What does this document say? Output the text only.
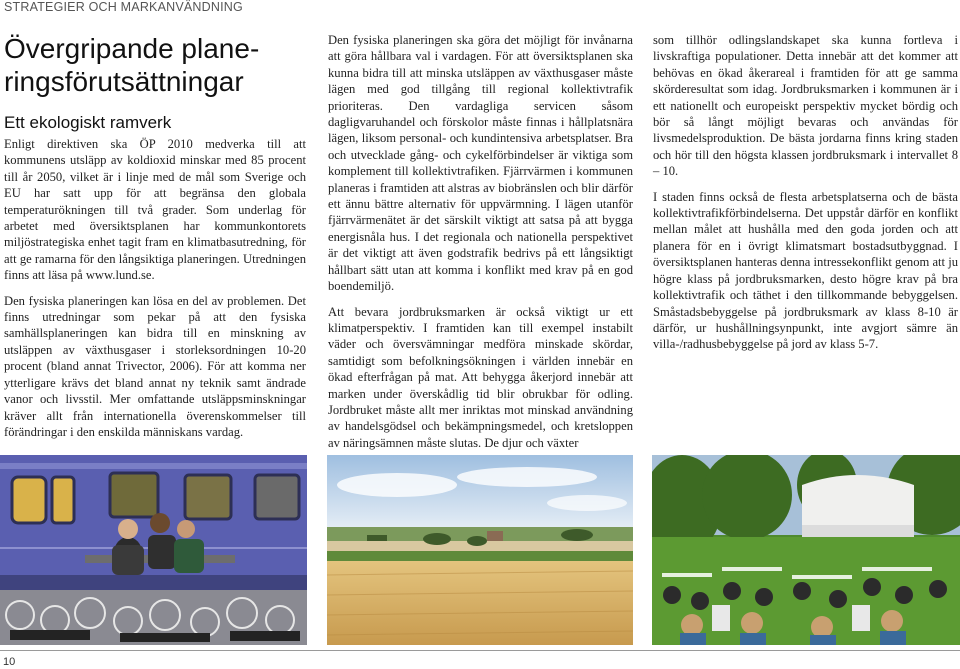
STRATEGIER OCH MARKANVÄNDNING
Övergripande planeringsförutsättningar
Ett ekologiskt ramverk

Enligt direktiven ska ÖP 2010 medverka till att kommunens utsläpp av koldioxid minskar med 85 procent till år 2050, vilket är i linje med de mål som Sverige och EU har satt upp för att begränsa den globala temperaturökningen till två grader. Som underlag för arbetet med översiktsplanen har kommunkontorets miljöstrategiska enhet tagit fram en klimatbasutredning, för att ge ramarna för den långsiktiga planeringen. Utredningen finns att läsa på www.lund.se.

Den fysiska planeringen kan lösa en del av problemen. Det finns utredningar som pekar på att den fysiska samhällsplaneringen kan bidra till en minskning av utsläppen av växthusgaser i storleksordningen 10-20 procent (bland annat Trivector, 2006). För att komma ner ytterligare krävs det bland annat ny teknik samt ändrade vanor och livsstil. Mer omfattande utsläppsminskningar kräver allt från internationella överenskommelser till förändringar i den enskilda människans vardag.

Den fysiska planeringen ska göra det möjligt för invånarna att göra hållbara val i vardagen. För att översiktsplanen ska kunna bidra till att minska utsläppen av växthusgaser måste lägen med god tillgång till regional kollektivtrafik prioriteras. Den vardagliga servicen såsom dagligvaruhandel och förskolor måste finnas i hållplatsnära lägen, liksom personal- och kundintensiva arbetsplatser. Bra och utvecklade gång- och cykelförbindelser är viktiga som komplement till kollektivtrafiken. Fjärrvärmen i kommunen planeras i framtiden att alstras av biobränslen och blir därför ett ännu bättre alternativ för uppvärmning. I lägen utanför fjärrvärmenätet är det särskilt viktigt att satsa på att bygga energisnåla hus. I det regionala och nationella perspektivet är det viktigt att även godstrafik bedrivs på ett långsiktigt hållbart sätt utan att komma i konflikt med krav på en god boendemiljö.

Att bevara jordbruksmarken är också viktigt ur ett klimatperspektiv. I framtiden kan till exempel instabilt väder och översvämningar medföra minskade skördar, samtidigt som befolkningsökningen i världen innebär en ökad efterfrågan på mat. Att behygga åkerjord innebär att marken under överskådlig tid blir obrukbar för odling. Jordbruket måste allt mer inriktas mot minskad användning av handelsgödsel och bekämpningsmedel, och kretsloppen av näringsämnen måste slutas. De djur och växter

som tillhör odlingslandskapet ska kunna fortleva i livskraftiga populationer. Detta innebär att det kommer att behövas en ökad åkerareal i framtiden för att ge samma skörderesultat som idag. Jordbruksmarken i kommunen är i ett nationellt och europeiskt perspektiv mycket bördig och bör så långt möjligt bevaras och användas för livsmedelsproduktion. De bästa jordarna finns kring staden och hör till den högsta klassen jordbruksmark i intervallet 8 – 10.

I staden finns också de flesta arbetsplatserna och de bästa kollektivtrafikförbindelserna. Det uppstår därför en konflikt mellan målet att hushålla med den goda jorden och att planera för en i övrigt klimatsmart bostadsutbyggnad. I översiktsplanen hanteras denna intressekonflikt genom att ju högre klass på jordbruksmarken, desto högre krav på bra kollektivtrafik och täthet i den tillkommande bebyggelsen. Småstadsbebyggelse på jordbruksmark av klass 8-10 är därför, ur hushållningsynpunkt, inte avgjort sämre än villa-/radhusbebyggelse på jord av klass 5-7.

10
